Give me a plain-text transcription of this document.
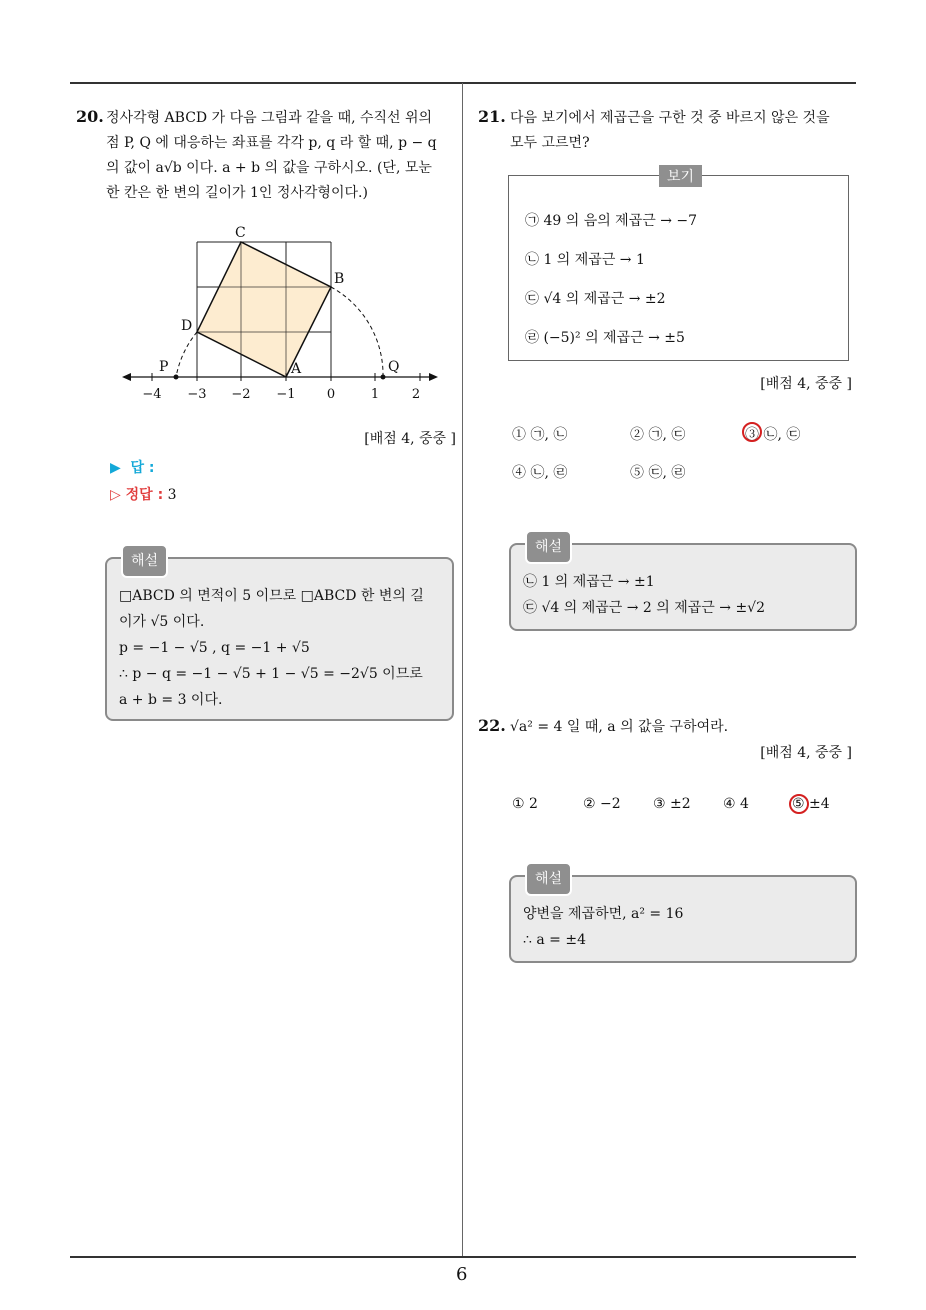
6
20. 정사각형 ABCD 가 다음 그림과 같을 때, 수직선 위의
점 P, Q 에 대응하는 좌표를 각각 p, q 라 할 때, p − q
의 값이 a√b 이다. a + b 의 값을 구하시오. (단, 모눈
한 칸은 한 변의 길이가 1인 정사각형이다.)
C
B
D
A
P	Q
−4 −3 −2 −1 0	1	2
[배점 4, 중중 ]
▶  답 :
▷ 정답 : 3
해설
□ABCD 의 면적이 5 이므로 □ABCD 한 변의 길
이가 √5 이다.
p = −1 − √5 , q = −1 + √5
∴ p − q = −1 − √5 + 1 − √5 = −2√5 이므로
a + b = 3 이다.
21. 다음 보기에서 제곱근을 구한 것 중 바르지 않은 것을
모두 고르면?
보기
㉠ 49 의 음의 제곱근 → −7
㉡ 1 의 제곱근 → 1
㉢ √4 의 제곱근 → ±2
㉣ (−5)² 의 제곱근 → ±5
[배점 4, 중중 ]
① ㉠, ㉡	② ㉠, ㉢	③ ㉡, ㉢
④ ㉡, ㉣	⑤ ㉢, ㉣
해설
㉡ 1 의 제곱근 → ±1
㉢ √4 의 제곱근 → 2 의 제곱근 → ±√2
22. √a² = 4 일 때, a 의 값을 구하여라.
[배점 4, 중중 ]
① 2	② −2 ③ ±2 ④ 4	⑤ ±4
해설
양변을 제곱하면, a² = 16
∴ a = ±4
